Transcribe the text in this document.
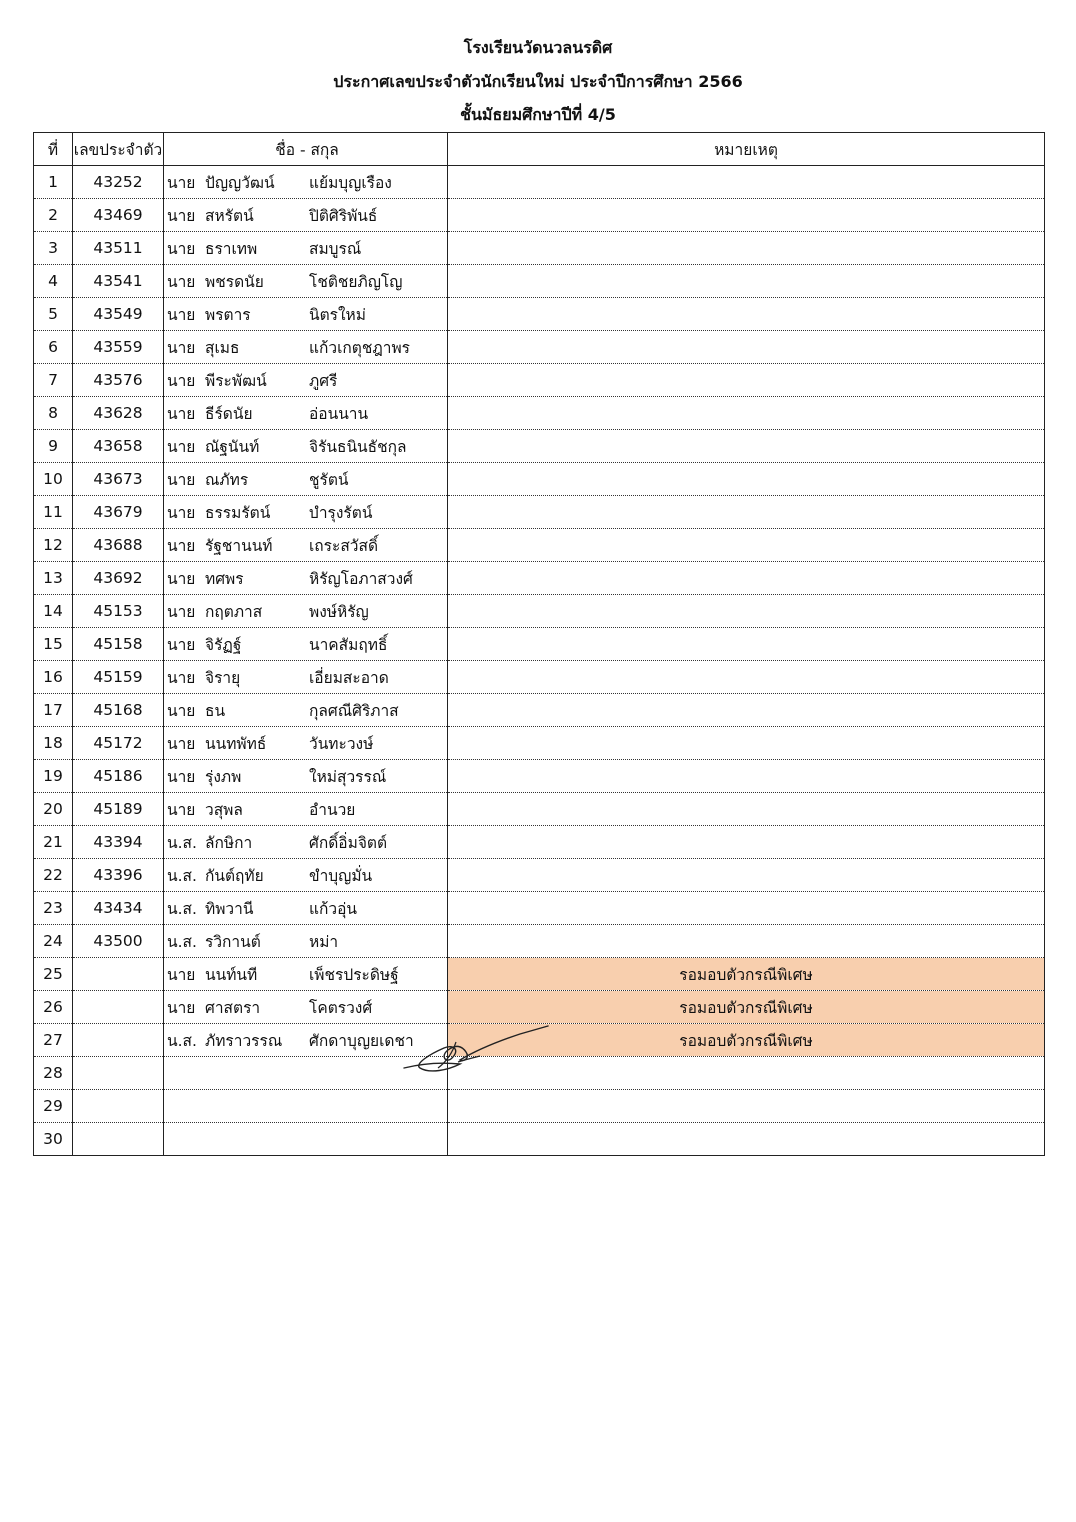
โรงเรียนวัดนวลนรดิศ
ประกาศเลขประจำตัวนักเรียนใหม่ ประจำปีการศึกษา 2566
ชั้นมัธยมศึกษาปีที่ 4/5
ที่	เลขประจำตัว	ชื่อ - สกุล	หมายเหตุ
1	43252	นาย ปัญญวัฒน์ แย้มบุญเรือง	
2	43469	นาย สหรัตน์ ปิติศิริพันธ์	
3	43511	นาย ธราเทพ สมบูรณ์	
4	43541	นาย พชรดนัย โชติชยภิญโญ	
5	43549	นาย พรตาร นิตรใหม่	
6	43559	นาย สุเมธ แก้วเกตุชฎาพร	
7	43576	นาย พีระพัฒน์ ภูศรี	
8	43628	นาย ธีร์ดนัย อ่อนนาน	
9	43658	นาย ณัฐนันท์ จิรันธนินธัชกุล	
10	43673	นาย ณภัทร ชูรัตน์	
11	43679	นาย ธรรมรัตน์ บำรุงรัตน์	
12	43688	นาย รัฐชานนท์ เถระสวัสดิ์	
13	43692	นาย ทศพร หิรัญโอภาสวงศ์	
14	45153	นาย กฤตภาส พงษ์หิรัญ	
15	45158	นาย จิรัฏฐ์ นาคสัมฤทธิ์	
16	45159	นาย จิรายุ เอี่ยมสะอาด	
17	45168	นาย ธน กุลศณีศิริภาส	
18	45172	นาย นนทพัทธ์ วันทะวงษ์	
19	45186	นาย รุ่งภพ ใหม่สุวรรณ์	
20	45189	นาย วสุพล อำนวย	
21	43394	น.ส. ลักษิกา ศักดิ์อิ่มจิตต์	
22	43396	น.ส. กันต์ฤทัย ขำบุญมั่น	
23	43434	น.ส. ทิพวานี แก้วอุ่น	
24	43500	น.ส. รวิกานต์ หม่า	
25		นาย นนท์นที เพ็ชรประดิษฐ์	รอมอบตัวกรณีพิเศษ
26		นาย ศาสตรา โคตรวงศ์	รอมอบตัวกรณีพิเศษ
27		น.ส. ภัทราวรรณ ศักดาบุญยเดชา	รอมอบตัวกรณีพิเศษ
28			
29			
30			
